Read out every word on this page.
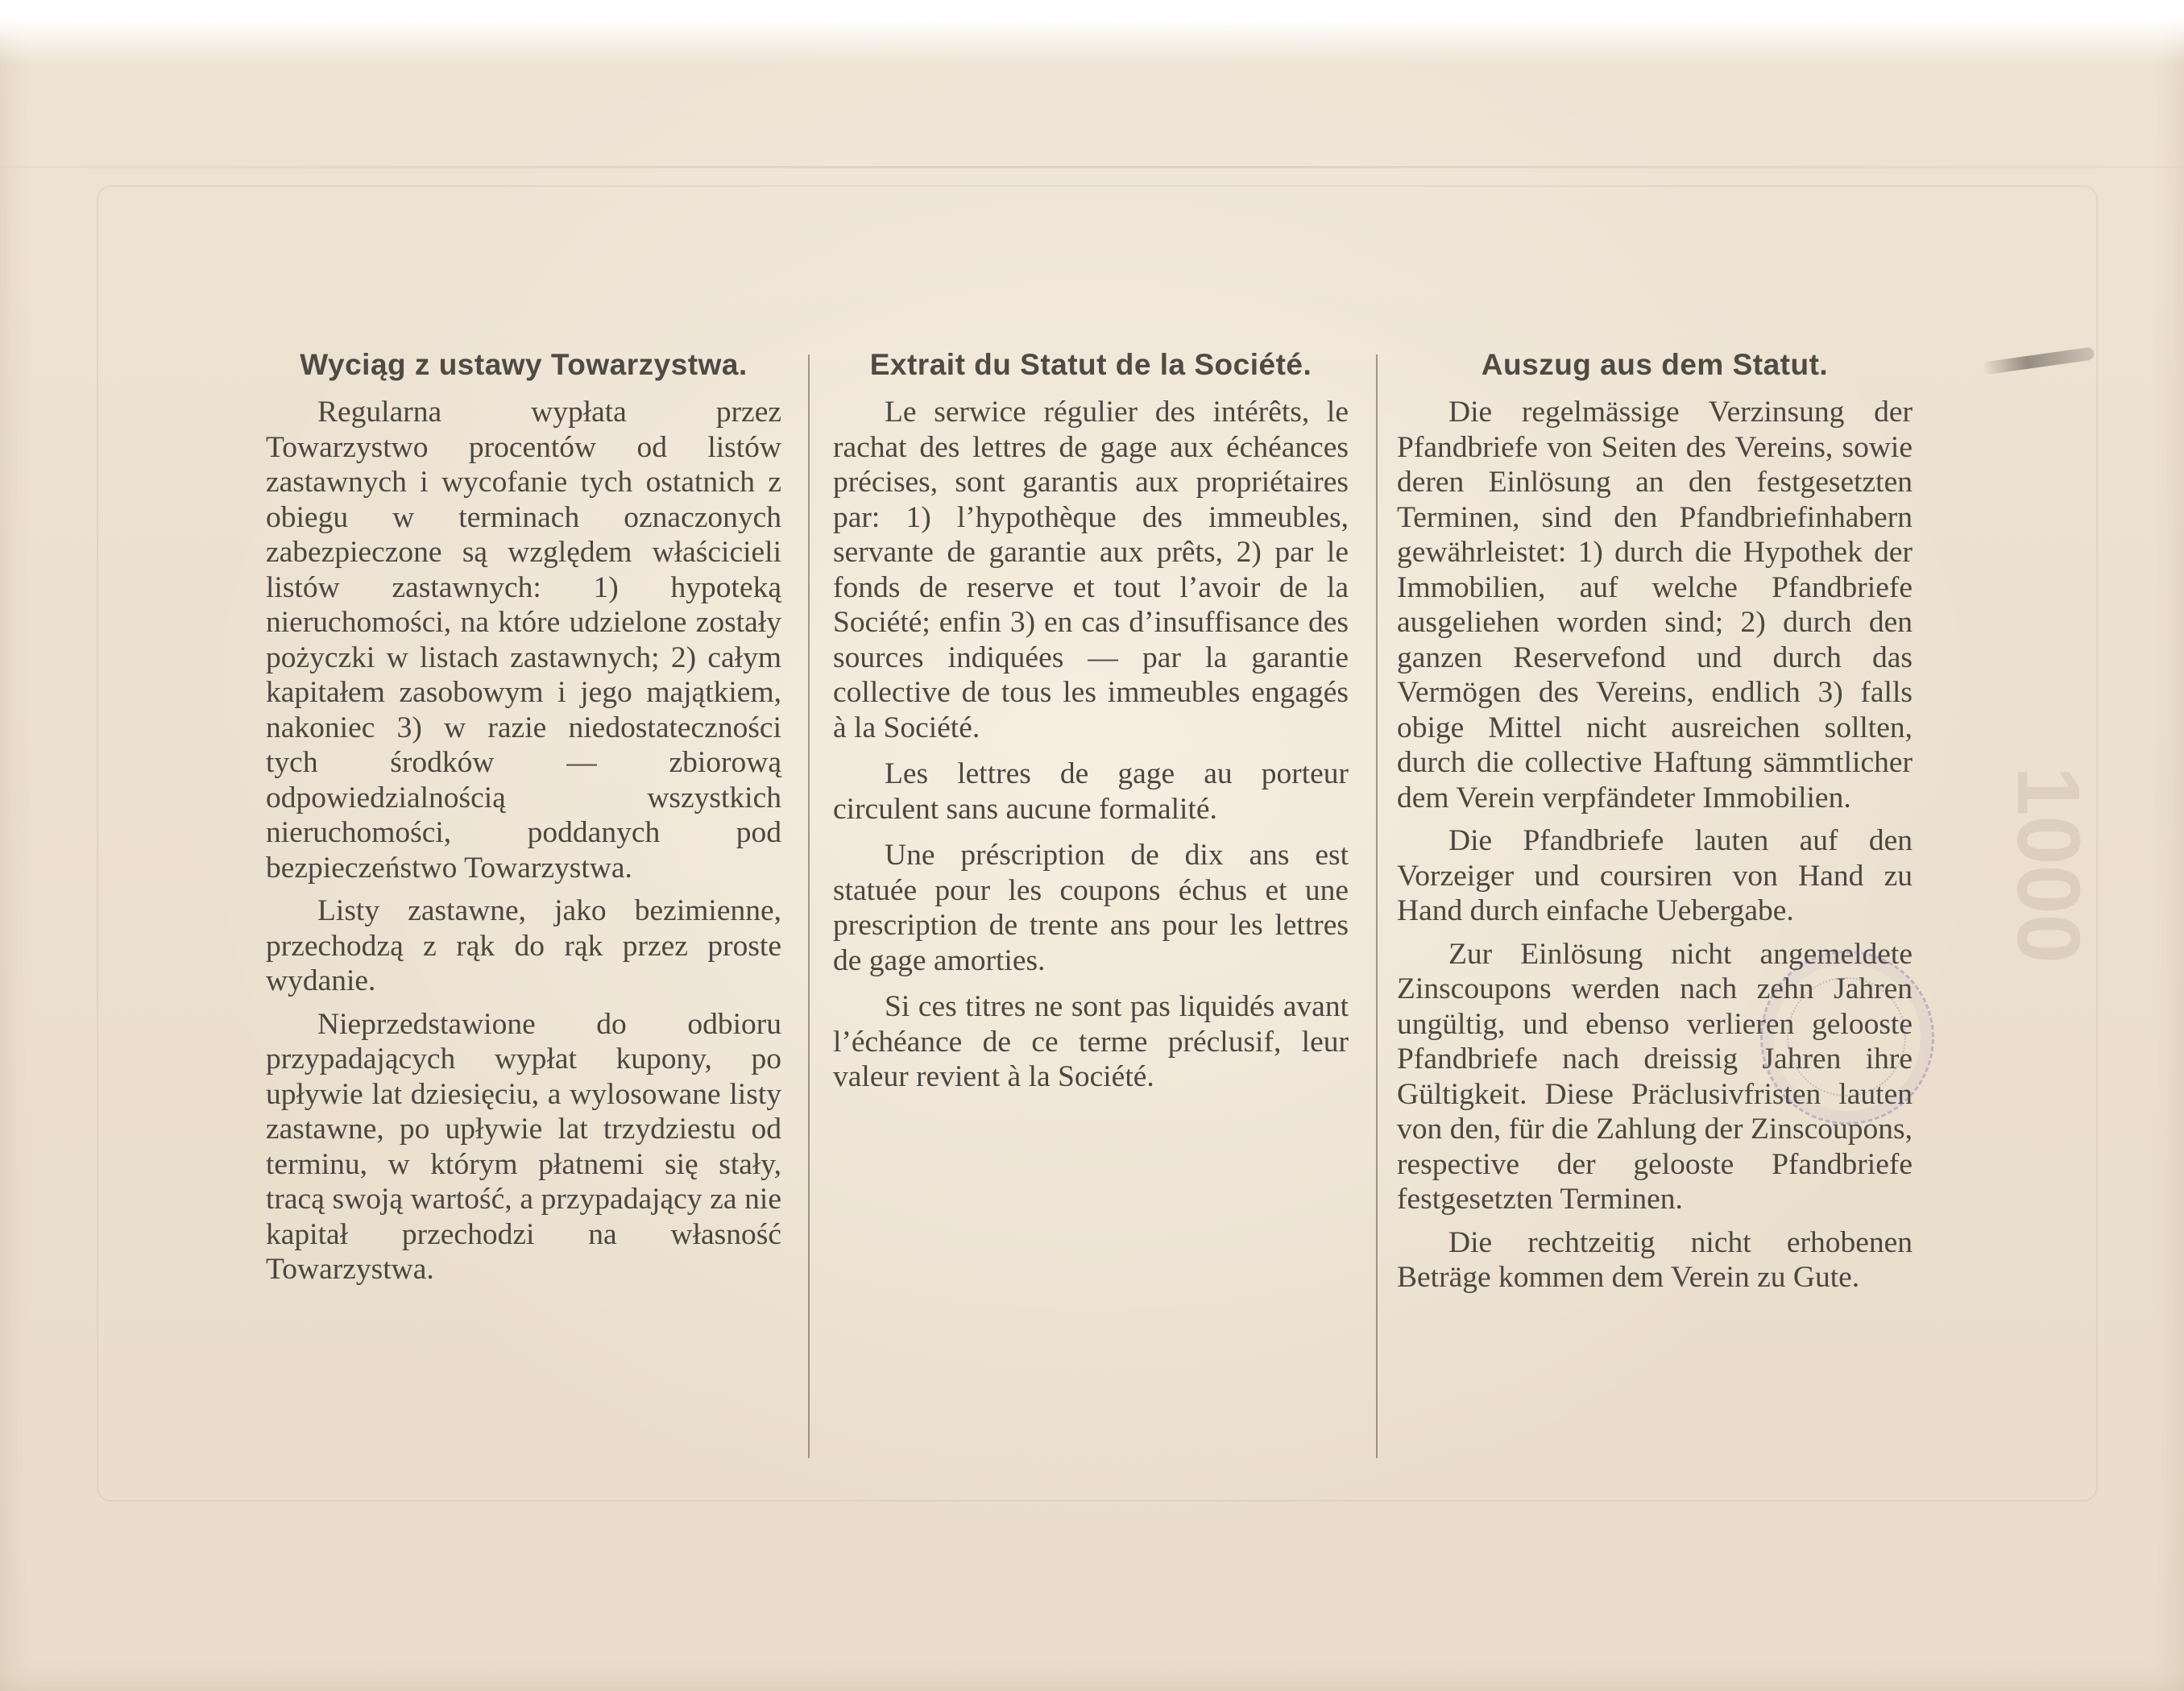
1000
Wyciąg z ustawy Towarzystwa.

Regularna wypłata przez Towarzystwo procentów od listów zastawnych i wycofanie tych ostatnich z obiegu w terminach oznaczonych zabezpieczone są względem właścicieli listów zastawnych: 1) hypoteką nieruchomości, na które udzielone zostały pożyczki w listach zastawnych; 2) całym kapitałem zasobowym i jego majątkiem, nakoniec 3) w razie niedostateczności tych środków — zbiorową odpowiedzialnością wszystkich nieruchomości, poddanych pod bezpieczeństwo Towarzystwa.

Listy zastawne, jako bezimienne, przechodzą z rąk do rąk przez proste wydanie.

Nieprzedstawione do odbioru przypadających wypłat kupony, po upływie lat dziesięciu, a wylosowane listy zastawne, po upływie lat trzydziestu od terminu, w którym płatnemi się stały, tracą swoją wartość, a przypadający za nie kapitał przechodzi na własność Towarzystwa.

Extrait du Statut de la Société.

Le serwice régulier des intérêts, le rachat des lettres de gage aux échéances précises, sont garantis aux propriétaires par: 1) l’hypothèque des immeubles, servante de garantie aux prêts, 2) par le fonds de reserve et tout l’avoir de la Société; enfin 3) en cas d’insuffisance des sources indiquées — par la garantie collective de tous les immeubles engagés à la Société.

Les lettres de gage au porteur circulent sans aucune formalité.

Une préscription de dix ans est statuée pour les coupons échus et une prescription de trente ans pour les lettres de gage amorties.

Si ces titres ne sont pas liquidés avant l’échéance de ce terme préclusif, leur valeur revient à la Société.

Auszug aus dem Statut.

Die regelmässige Verzinsung der Pfandbriefe von Seiten des Vereins, sowie deren Einlösung an den festgesetzten Terminen, sind den Pfandbriefinhabern gewährleistet: 1) durch die Hypothek der Immobilien, auf welche Pfandbriefe ausgeliehen worden sind; 2) durch den ganzen Reservefond und durch das Vermögen des Vereins, endlich 3) falls obige Mittel nicht ausreichen sollten, durch die collective Haftung sämmtlicher dem Verein verpfändeter Immobilien.

Die Pfandbriefe lauten auf den Vorzeiger und coursiren von Hand zu Hand durch einfache Uebergabe.

Zur Einlösung nicht angemeldete Zinscoupons werden nach zehn Jahren ungültig, und ebenso verlieren gelooste Pfandbriefe nach dreissig Jahren ihre Gültigkeit. Diese Präclusivfristen lauten von den, für die Zahlung der Zinscoupons, respective der gelooste Pfandbriefe festgesetzten Terminen.

Die rechtzeitig nicht erhobenen Beträge kommen dem Verein zu Gute.
